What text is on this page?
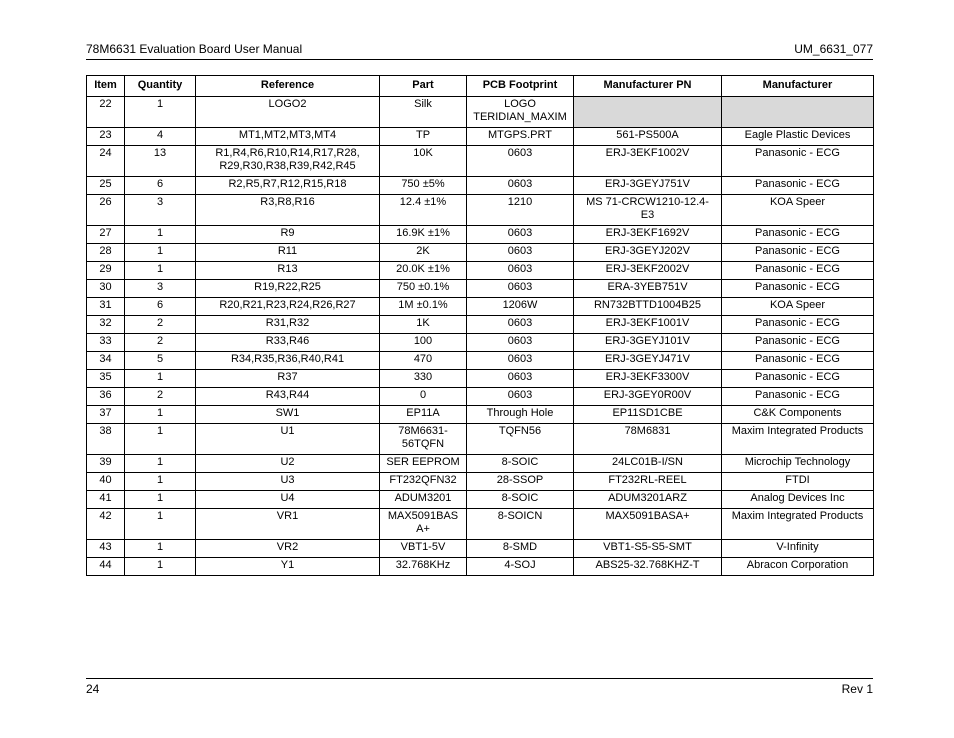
78M6631 Evaluation Board User Manual	UM_6631_077
Item	Quantity	Reference	Part	PCB Footprint	Manufacturer PN	Manufacturer
22	1	LOGO2	Silk	LOGO
TERIDIAN_MAXIM		
23	4	MT1,MT2,MT3,MT4	TP	MTGPS.PRT	561-PS500A	Eagle Plastic Devices
24	13	R1,R4,R6,R10,R14,R17,R28,
R29,R30,R38,R39,R42,R45	10K	0603	ERJ-3EKF1002V	Panasonic - ECG
25	6	R2,R5,R7,R12,R15,R18	750 ±5%	0603	ERJ-3GEYJ751V	Panasonic - ECG
26	3	R3,R8,R16	12.4 ±1%	1210	MS 71-CRCW1210-12.4-
E3	KOA Speer
27	1	R9	16.9K ±1%	0603	ERJ-3EKF1692V	Panasonic - ECG
28	1	R11	2K	0603	ERJ-3GEYJ202V	Panasonic - ECG
29	1	R13	20.0K ±1%	0603	ERJ-3EKF2002V	Panasonic - ECG
30	3	R19,R22,R25	750 ±0.1%	0603	ERA-3YEB751V	Panasonic - ECG
31	6	R20,R21,R23,R24,R26,R27	1M ±0.1%	1206W	RN732BTTD1004B25	KOA Speer
32	2	R31,R32	1K	0603	ERJ-3EKF1001V	Panasonic - ECG
33	2	R33,R46	100	0603	ERJ-3GEYJ101V	Panasonic - ECG
34	5	R34,R35,R36,R40,R41	470	0603	ERJ-3GEYJ471V	Panasonic - ECG
35	1	R37	330	0603	ERJ-3EKF3300V	Panasonic - ECG
36	2	R43,R44	0	0603	ERJ-3GEY0R00V	Panasonic - ECG
37	1	SW1	EP11A	Through Hole	EP11SD1CBE	C&K Components
38	1	U1	78M6631-
56TQFN	TQFN56	78M6831	Maxim Integrated Products
39	1	U2	SER EEPROM	8-SOIC	24LC01B-I/SN	Microchip Technology
40	1	U3	FT232QFN32	28-SSOP	FT232RL-REEL	FTDI
41	1	U4	ADUM3201	8-SOIC	ADUM3201ARZ	Analog Devices Inc
42	1	VR1	MAX5091BAS
A+	8-SOICN	MAX5091BASA+	Maxim Integrated Products
43	1	VR2	VBT1-5V	8-SMD	VBT1-S5-S5-SMT	V-Infinity
44	1	Y1	32.768KHz	4-SOJ	ABS25-32.768KHZ-T	Abracon Corporation
24	Rev 1
